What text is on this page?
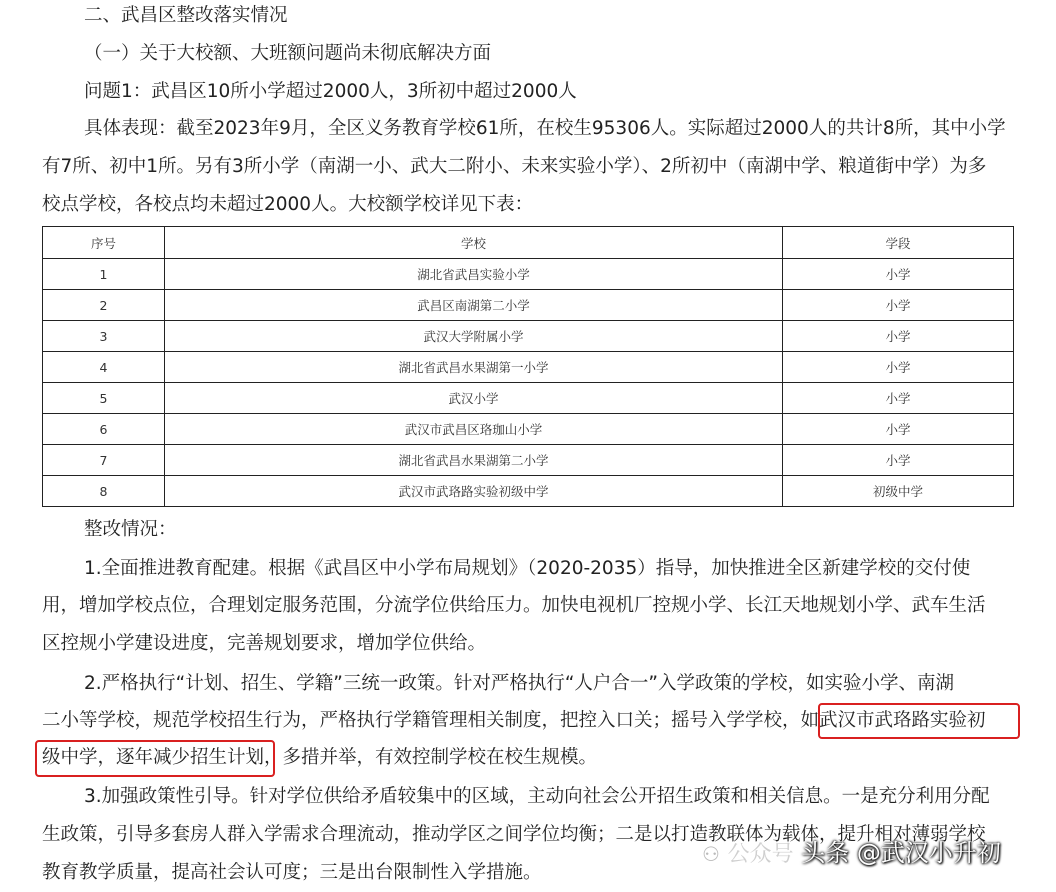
二、武昌区整改落实情况
（一）关于大校额、大班额问题尚未彻底解决方面
问题1：武昌区10所小学超过2000人，3所初中超过2000人
具体表现：截至2023年9月，全区义务教育学校61所，在校生95306人。实际超过2000人的共计8所，其中小学
有7所、初中1所。另有3所小学（南湖一小、武大二附小、未来实验小学）、2所初中（南湖中学、粮道街中学）为多
校点学校，各校点均未超过2000人。大校额学校详见下表：
序号	学校	学段
1	湖北省武昌实验小学	小学
2	武昌区南湖第二小学	小学
3	武汉大学附属小学	小学
4	湖北省武昌水果湖第一小学	小学
5	武汉小学	小学
6	武汉市武昌区珞珈山小学	小学
7	湖北省武昌水果湖第二小学	小学
8	武汉市武珞路实验初级中学	初级中学
整改情况：
1.全面推进教育配建。根据《武昌区中小学布局规划》（2020-2035）指导，加快推进全区新建学校的交付使
用，增加学校点位，合理划定服务范围，分流学位供给压力。加快电视机厂控规小学、长江天地规划小学、武车生活
区控规小学建设进度，完善规划要求，增加学位供给。
2.严格执行“计划、招生、学籍”三统一政策。针对严格执行“人户合一”入学政策的学校，如实验小学、南湖
二小等学校，规范学校招生行为，严格执行学籍管理相关制度，把控入口关；摇号入学学校，如武汉市武珞路实验初
级中学，逐年减少招生计划，多措并举，有效控制学校在校生规模。
3.加强政策性引导。针对学位供给矛盾较集中的区域，主动向社会公开招生政策和相关信息。一是充分利用分配
生政策，引导多套房人群入学需求合理流动，推动学区之间学位均衡；二是以打造教联体为载体，提升相对薄弱学校
教育教学质量，提高社会认可度；三是出台限制性入学措施。
⚇ 公众号 头条 @武汉小升初
